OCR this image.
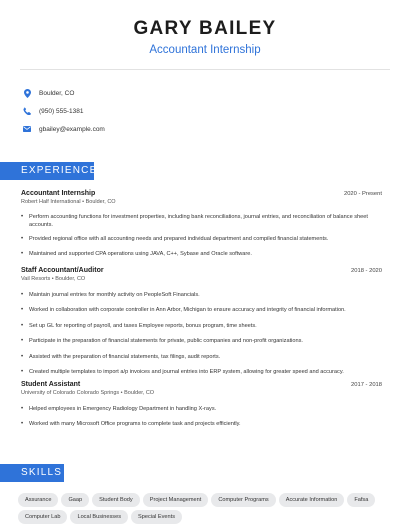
GARY BAILEY
Accountant Internship
Boulder, CO
(950) 555-1381
gbailey@example.com
EXPERIENCE
Accountant Internship	2020 - Present
Robert Half International • Boulder, CO
• Perform accounting functions for investment properties, including bank reconciliations, journal entries, and reconciliation of balance sheet accounts.
• Provided regional office with all accounting needs and prepared individual department and compiled financial statements.
• Maintained and supported CPA operations using JAVA, C++, Sybase and Oracle software.
Staff Accountant/Auditor	2018 - 2020
Vail Resorts • Boulder, CO
• Maintain journal entries for monthly activity on PeopleSoft Financials.
• Worked in collaboration with corporate controller in Ann Arbor, Michigan to ensure accuracy and integrity of financial information.
• Set up GL for reporting of payroll, and taxes Employee reports, bonus program, time sheets.
• Participate in the preparation of financial statements for private, public companies and non-profit organizations.
• Assisted with the preparation of financial statements, tax filings, audit reports.
• Created multiple templates to import a/p invoices and journal entries into ERP system, allowing for greater speed and accuracy.
Student Assistant	2017 - 2018
University of Colorado Colorado Springs • Boulder, CO
• Helped employees in Emergency Radiology Department in handling X-rays.
• Worked with many Microsoft Office programs to complete task and projects efficiently.
SKILLS
Assurance	Gaap	Student Body	Project Management	Computer Programs	Accurate Information	Fafsa
Computer Lab	Local Businesses	Special Events
